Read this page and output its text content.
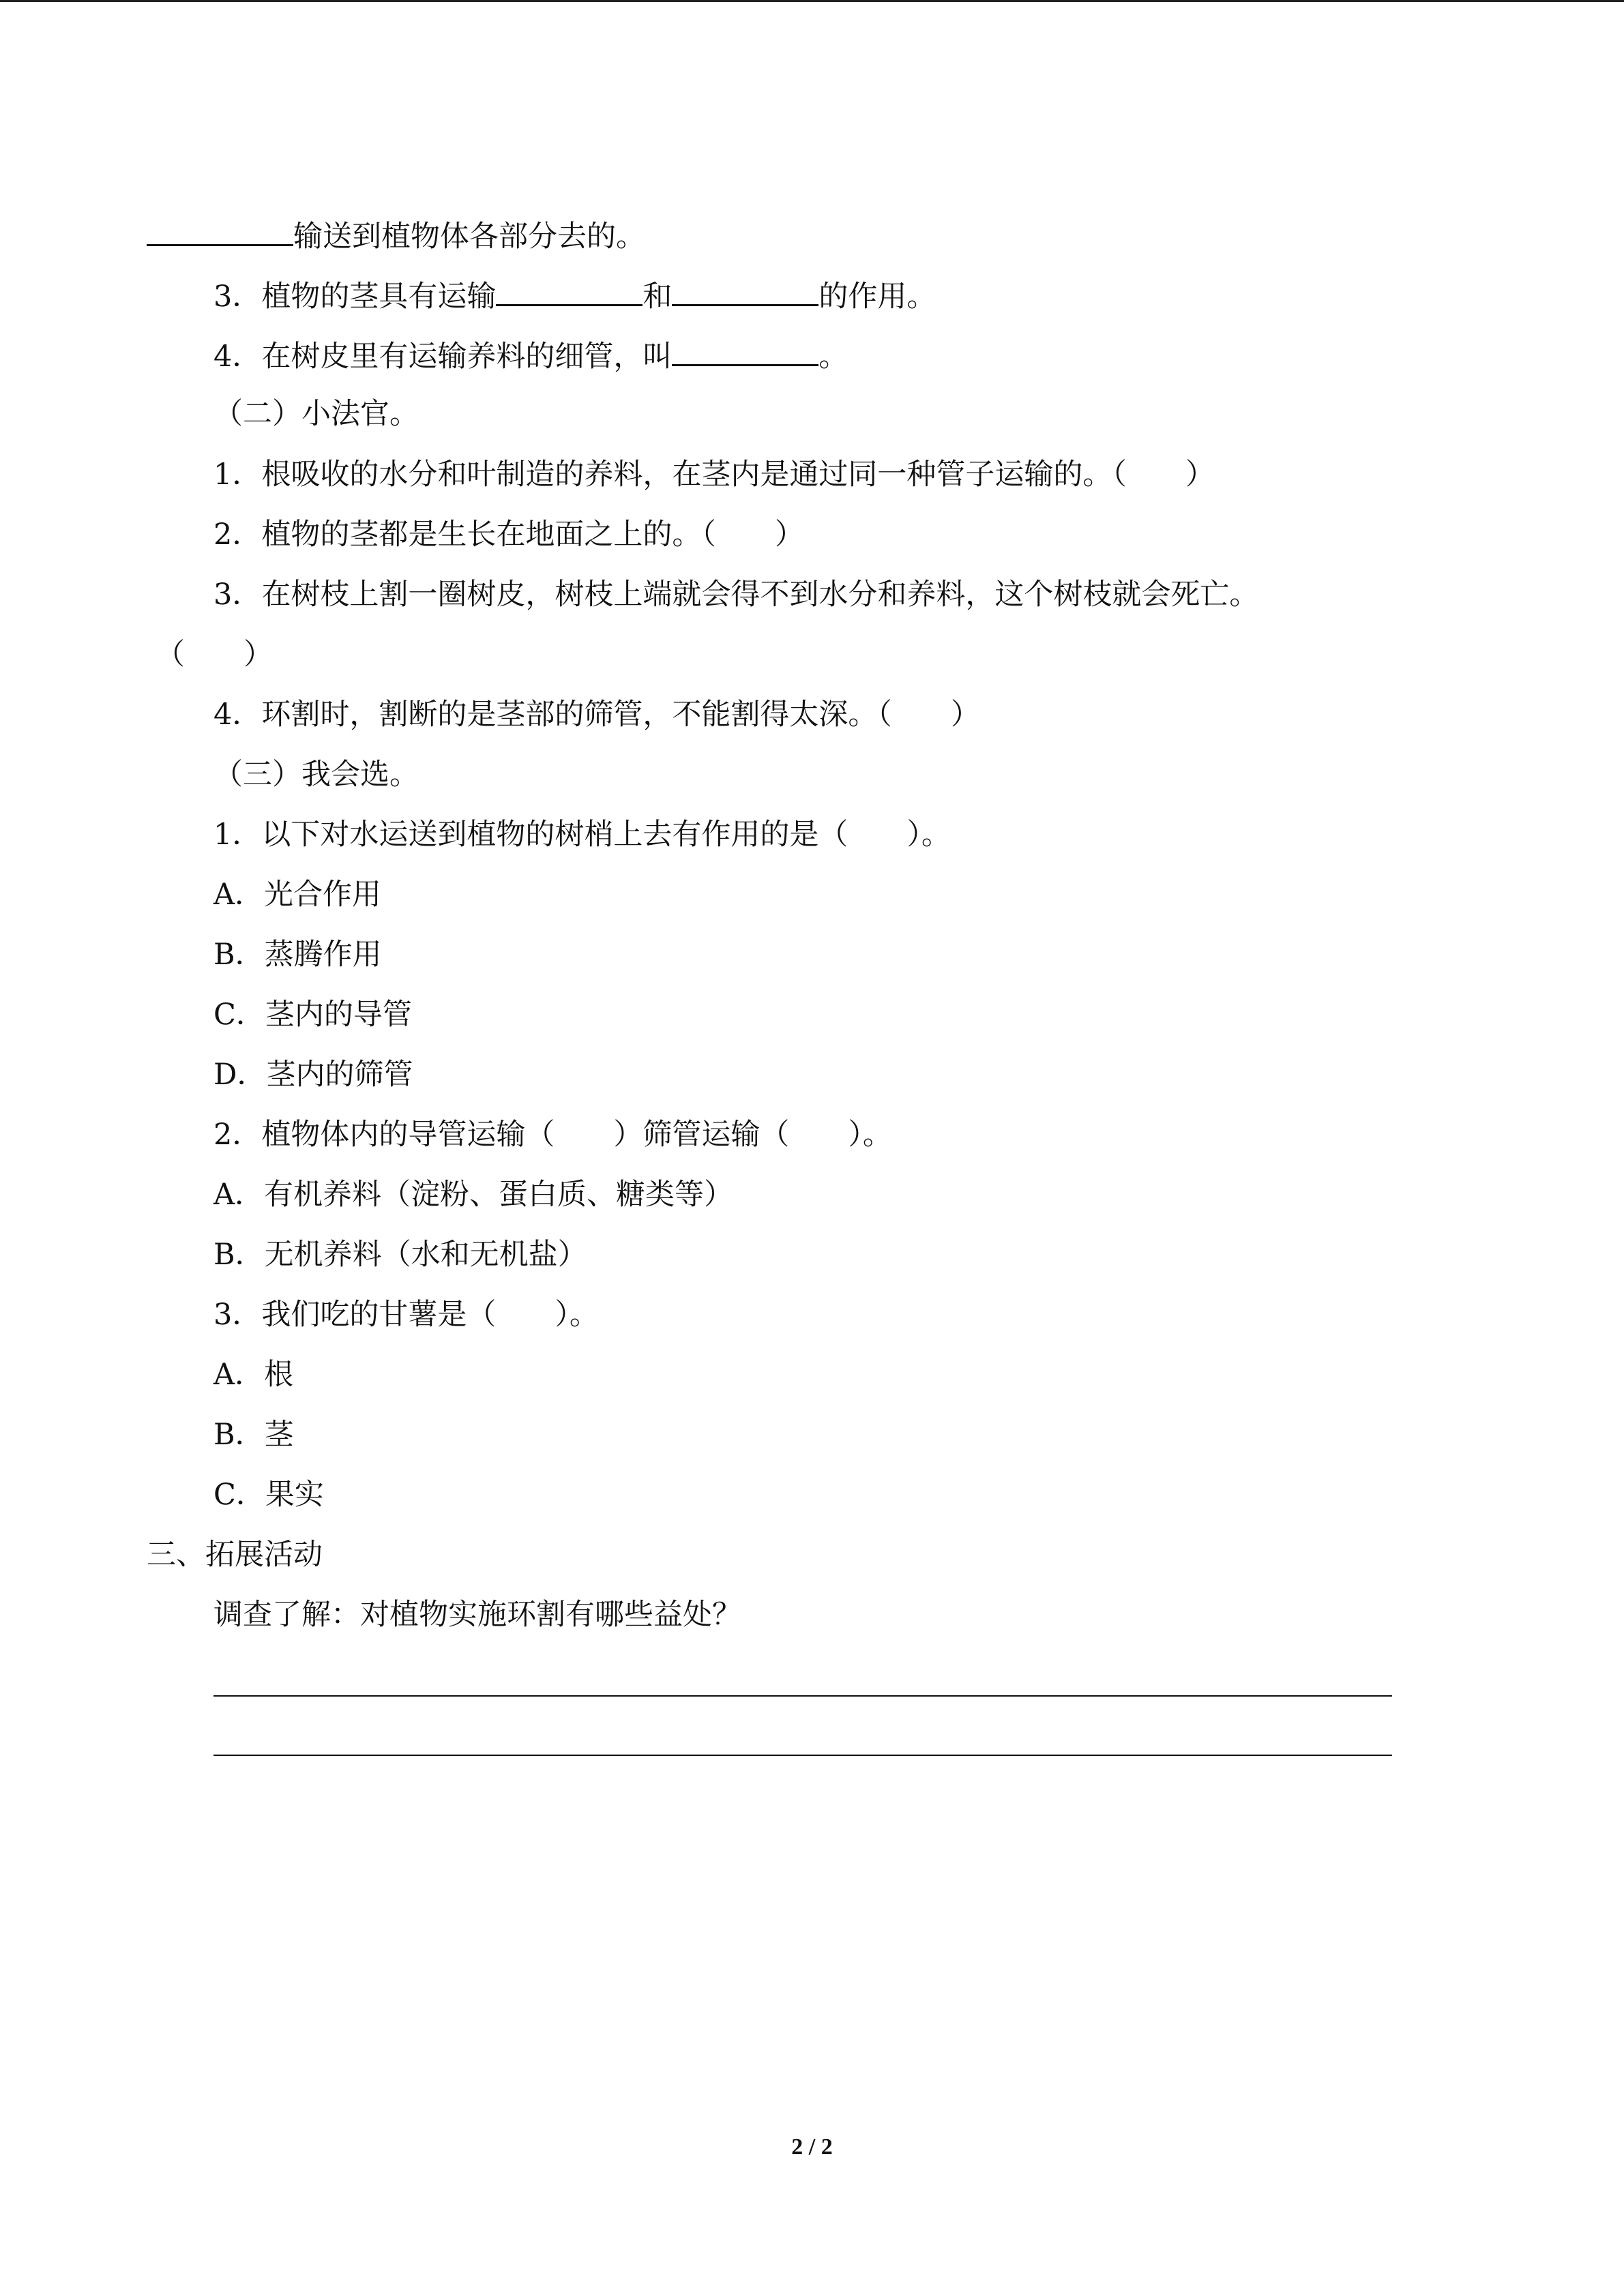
输送到植物体各部分去的。
3．植物的茎具有运输	和	的作用。
4．在树皮里有运输养料的细管，叫	。
（二）小法官。
1．根吸收的水分和叶制造的养料，在茎内是通过同一种管子运输的。（　　）
2．植物的茎都是生长在地面之上的。（　　）
3．在树枝上割一圈树皮，树枝上端就会得不到水分和养料，这个树枝就会死亡。
（　　）
4．环割时，割断的是茎部的筛管，不能割得太深。（　　）
（三）我会选。
1．以下对水运送到植物的树梢上去有作用的是（　　）。
A．光合作用
B．蒸腾作用
C．茎内的导管
D．茎内的筛管
2．植物体内的导管运输（　　）筛管运输（　　）。
A．有机养料（淀粉、蛋白质、糖类等）
B．无机养料（水和无机盐）
3．我们吃的甘薯是（　　）。
A．根
B．茎
C．果实
三、拓展活动
调查了解：对植物实施环割有哪些益处？
2 / 2
